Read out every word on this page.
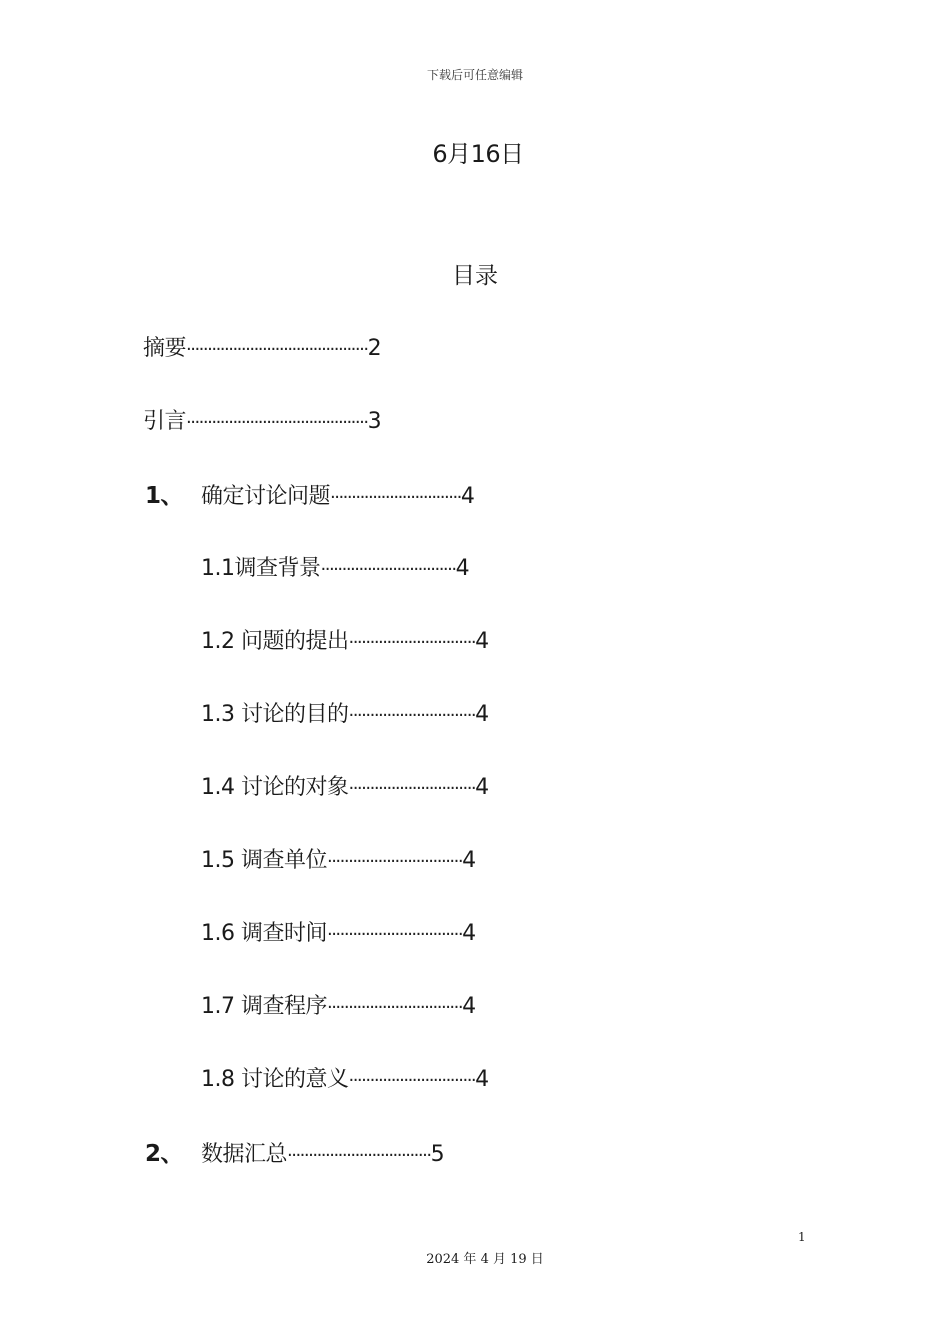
下载后可任意编辑
6月16日
目录
摘要 ··········································· 2
引言 ··········································· 3
1、 确定讨论问题 ······························· 4
1.1调查背景 ································ 4
1.2 问题的提出 ······························ 4
1.3 讨论的目的 ······························ 4
1.4 讨论的对象 ······························ 4
1.5 调查单位 ································ 4
1.6 调查时间 ································ 4
1.7 调查程序 ································ 4
1.8 讨论的意义 ······························ 4
2、 数据汇总 ·································· 5
1
2024 年 4 月 19 日
